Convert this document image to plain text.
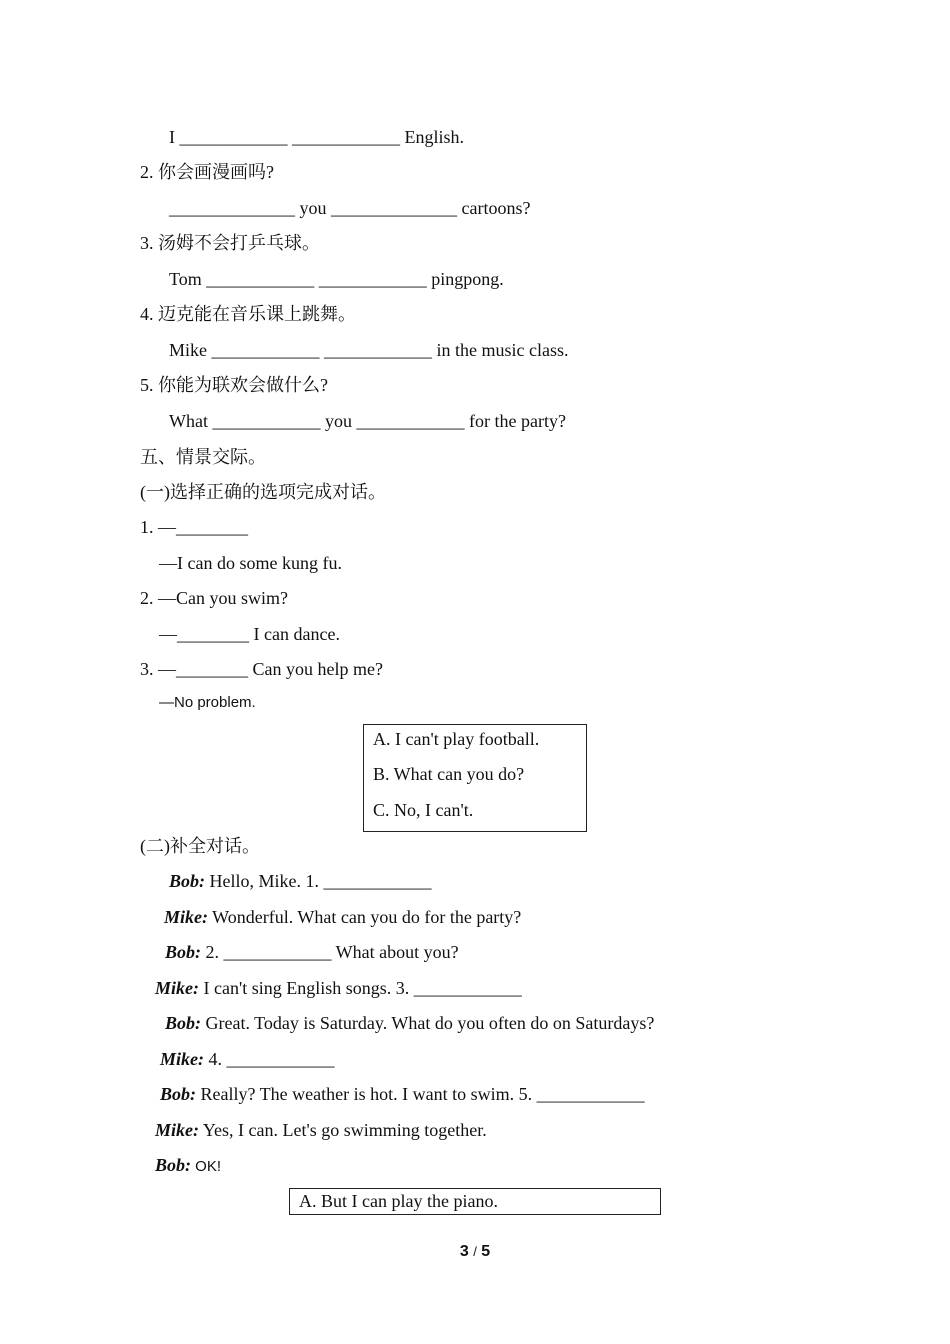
I ____________ ____________ English.
2. 你会画漫画吗?
______________ you ______________ cartoons?
3. 汤姆不会打乒乓球。
Tom ____________ ____________ pingpong.
4. 迈克能在音乐课上跳舞。
Mike ____________ ____________ in the music class.
5. 你能为联欢会做什么?
What ____________ you ____________ for the party?
五、情景交际。
(一)选择正确的选项完成对话。
1. —________
—I can do some kung fu.
2. —Can you swim?
—________ I can dance.
3. —________ Can you help me?
—No problem.
A. I can't play football.
B. What can you do?
C. No, I can't.
(二)补全对话。
Bob: Hello, Mike. 1. ____________
Mike: Wonderful. What can you do for the party?
Bob: 2. ____________ What about you?
Mike: I can't sing English songs. 3. ____________
Bob: Great. Today is Saturday. What do you often do on Saturdays?
Mike: 4. ____________
Bob: Really? The weather is hot. I want to swim. 5. ____________
Mike: Yes, I can. Let's go swimming together.
Bob: OK!
A. But I can play the piano.
3 / 5
